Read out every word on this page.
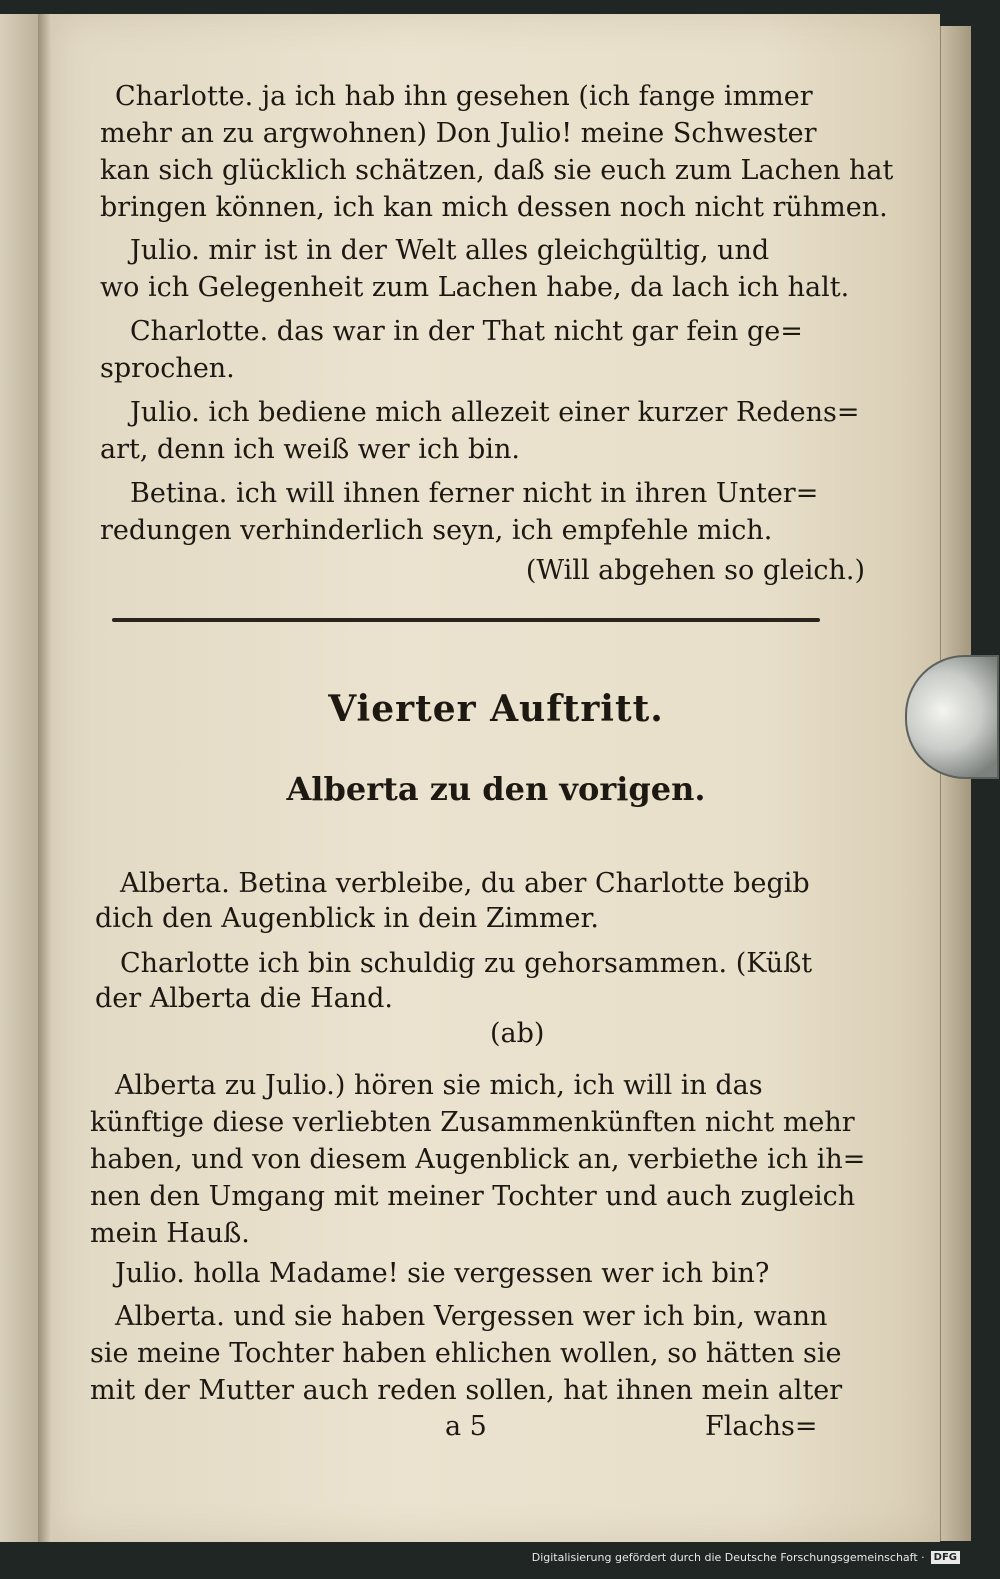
Charlotte. ja ich hab ihn gesehen (ich fange immer
mehr an zu argwohnen) Don Julio! meine Schwester
kan sich glücklich schätzen, daß sie euch zum Lachen hat
bringen können, ich kan mich dessen noch nicht rühmen.
Julio. mir ist in der Welt alles gleichgültig, und
wo ich Gelegenheit zum Lachen habe, da lach ich halt.
Charlotte. das war in der That nicht gar fein ge=
sprochen.
Julio. ich bediene mich allezeit einer kurzer Redens=
art, denn ich weiß wer ich bin.
Betina. ich will ihnen ferner nicht in ihren Unter=
redungen verhinderlich seyn, ich empfehle mich.
(Will abgehen so gleich.)
Vierter Auftritt.
Alberta zu den vorigen.
Alberta. Betina verbleibe, du aber Charlotte begib
dich den Augenblick in dein Zimmer.
Charlotte ich bin schuldig zu gehorsammen. (Küßt
der Alberta die Hand.
(ab)
Alberta zu Julio.) hören sie mich, ich will in das
künftige diese verliebten Zusammenkünften nicht mehr
haben, und von diesem Augenblick an, verbiethe ich ih=
nen den Umgang mit meiner Tochter und auch zugleich
mein Hauß.
Julio. holla Madame! sie vergessen wer ich bin?
Alberta. und sie haben Vergessen wer ich bin, wann
sie meine Tochter haben ehlichen wollen, so hätten sie
mit der Mutter auch reden sollen, hat ihnen mein alter
a 5	Flachs=
Digitalisierung gefördert durch die Deutsche Forschungsgemeinschaft · DFG
